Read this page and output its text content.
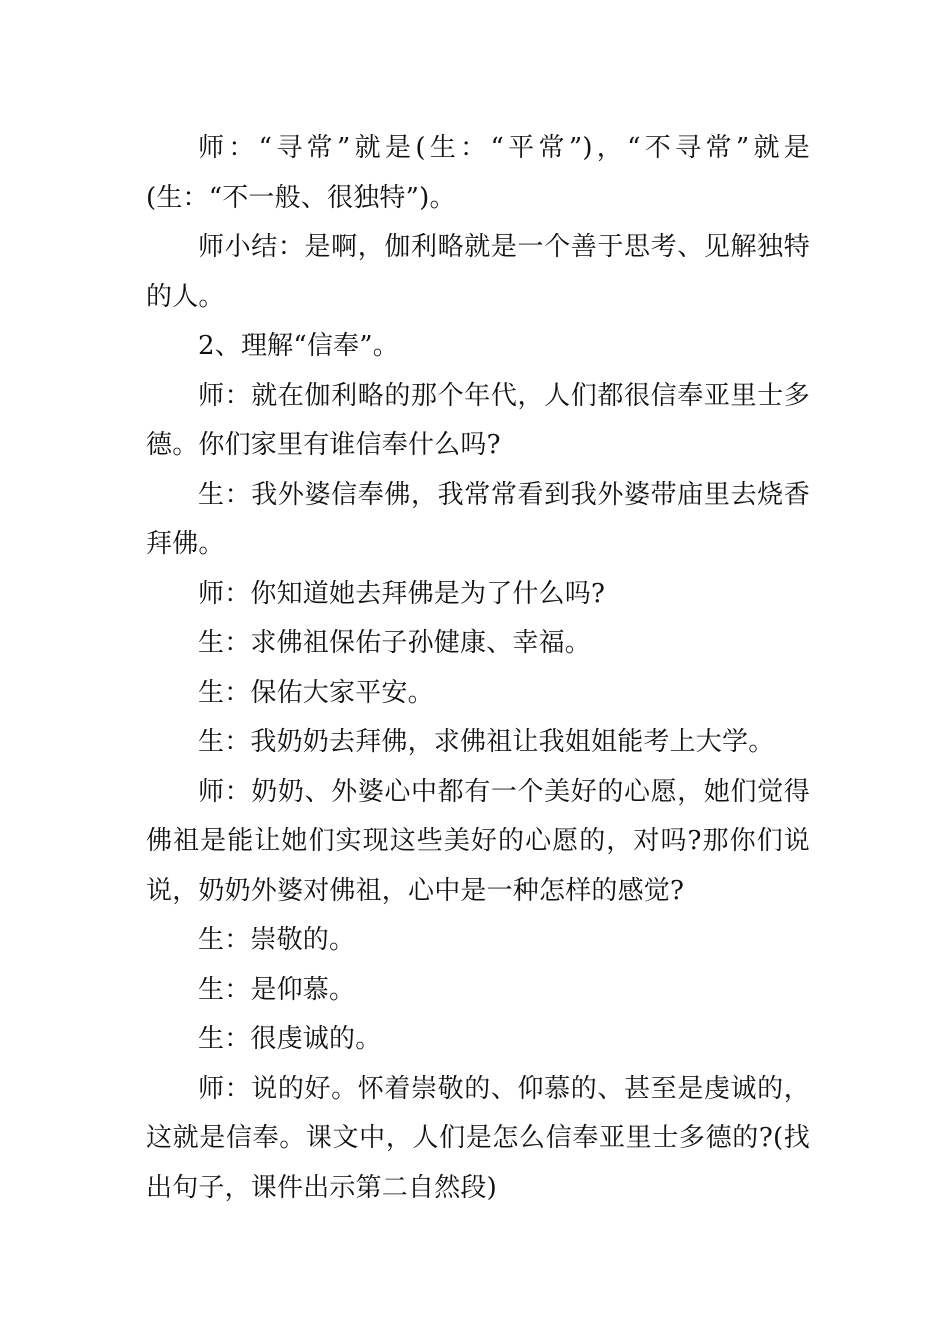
师：“寻常”就是(生：“平常”)，“不寻常”就是(生：“不一般、很独特”)。

师小结：是啊，伽利略就是一个善于思考、见解独特的人。

2、理解“信奉”。

师：就在伽利略的那个年代，人们都很信奉亚里士多德。你们家里有谁信奉什么吗?

生：我外婆信奉佛，我常常看到我外婆带庙里去烧香拜佛。

师：你知道她去拜佛是为了什么吗?

生：求佛祖保佑子孙健康、幸福。

生：保佑大家平安。

生：我奶奶去拜佛，求佛祖让我姐姐能考上大学。

师：奶奶、外婆心中都有一个美好的心愿，她们觉得佛祖是能让她们实现这些美好的心愿的，对吗?那你们说说，奶奶外婆对佛祖，心中是一种怎样的感觉?

生：崇敬的。

生：是仰慕。

生：很虔诚的。

师：说的好。怀着崇敬的、仰慕的、甚至是虔诚的，这就是信奉。课文中，人们是怎么信奉亚里士多德的?(找出句子，课件出示第二自然段)
